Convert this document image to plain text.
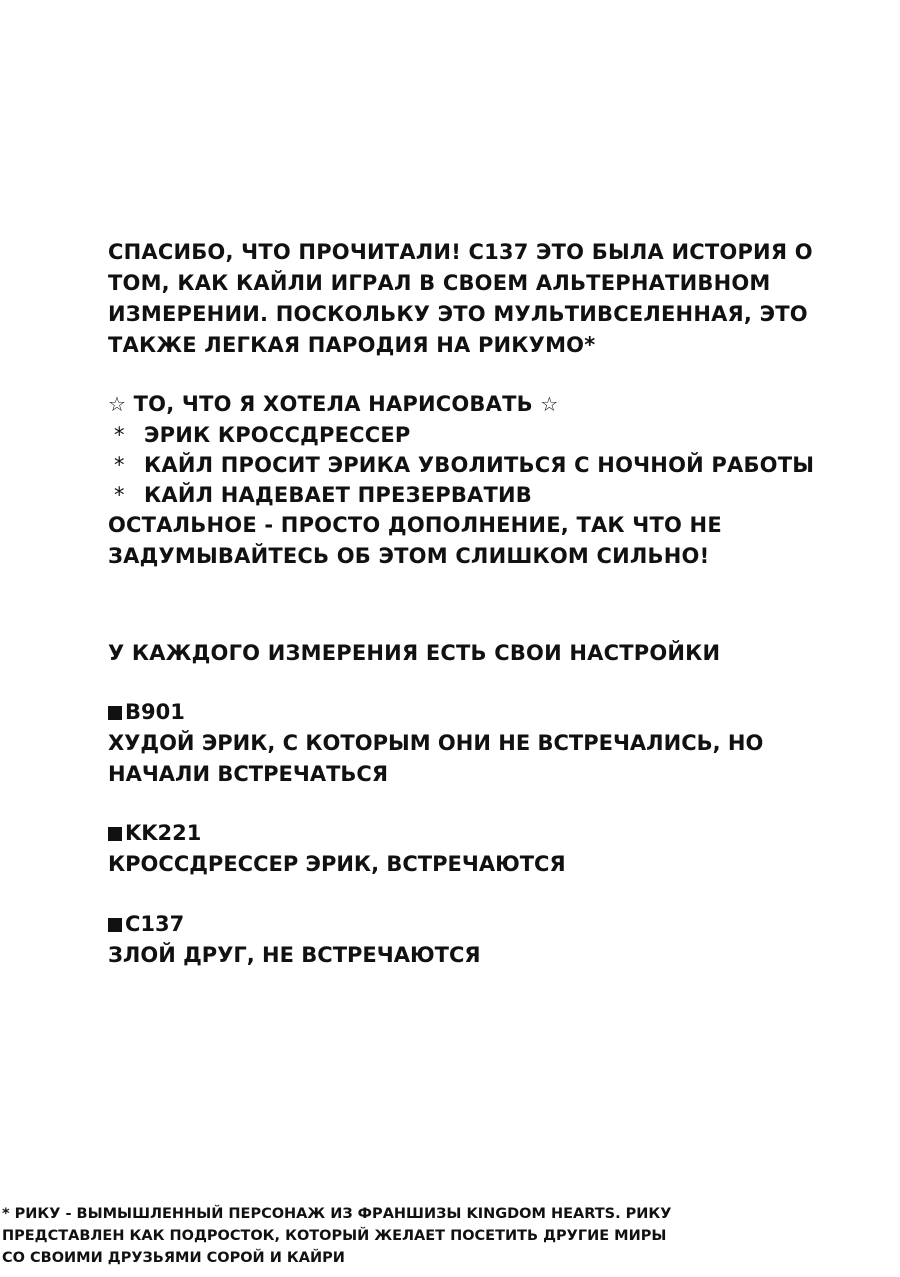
СПАСИБО, ЧТО ПРОЧИТАЛИ! C137 ЭТО БЫЛА ИСТОРИЯ О
ТОМ, КАК КАЙЛИ ИГРАЛ В СВОЕМ АЛЬТЕРНАТИВНОМ
ИЗМЕРЕНИИ. ПОСКОЛЬКУ ЭТО МУЛЬТИВСЕЛЕННАЯ, ЭТО
ТАКЖЕ ЛЕГКАЯ ПАРОДИЯ НА РИКУМО*
☆ ТО, ЧТО Я ХОТЕЛА НАРИСОВАТЬ ☆
* ЭРИК КРОССДРЕССЕР
* КАЙЛ ПРОСИТ ЭРИКА УВОЛИТЬСЯ С НОЧНОЙ РАБОТЫ
* КАЙЛ НАДЕВАЕТ ПРЕЗЕРВАТИВ
ОСТАЛЬНОЕ - ПРОСТО ДОПОЛНЕНИЕ, ТАК ЧТО НЕ
ЗАДУМЫВАЙТЕСЬ ОБ ЭТОМ СЛИШКОМ СИЛЬНО!
У КАЖДОГО ИЗМЕРЕНИЯ ЕСТЬ СВОИ НАСТРОЙКИ
B901
ХУДОЙ ЭРИК, С КОТОРЫМ ОНИ НЕ ВСТРЕЧАЛИСЬ, НО
НАЧАЛИ ВСТРЕЧАТЬСЯ
KK221
КРОССДРЕССЕР ЭРИК, ВСТРЕЧАЮТСЯ
C137
ЗЛОЙ ДРУГ, НЕ ВСТРЕЧАЮТСЯ
* РИКУ - ВЫМЫШЛЕННЫЙ ПЕРСОНАЖ ИЗ ФРАНШИЗЫ KINGDOM HEARTS. РИКУ
ПРЕДСТАВЛЕН КАК ПОДРОСТОК, КОТОРЫЙ ЖЕЛАЕТ ПОСЕТИТЬ ДРУГИЕ МИРЫ
СО СВОИМИ ДРУЗЬЯМИ СОРОЙ И КАЙРИ
